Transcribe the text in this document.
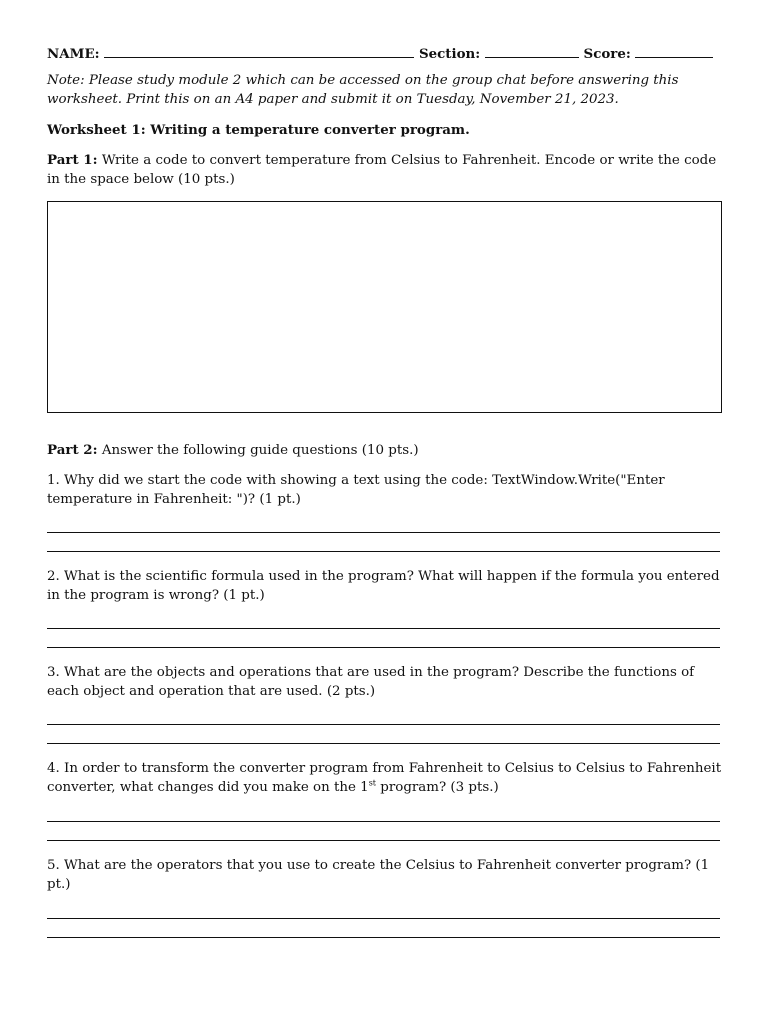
NAME:	Section:	Score:
Note: Please study module 2 which can be accessed on the group chat before answering this worksheet. Print this on an A4 paper and submit it on Tuesday, November 21, 2023.
Worksheet 1: Writing a temperature converter program.
Part 1: Write a code to convert temperature from Celsius to Fahrenheit. Encode or write the code in the space below (10 pts.)
Part 2: Answer the following guide questions (10 pts.)
1. Why did we start the code with showing a text using the code: TextWindow.Write("Enter temperature in Fahrenheit: ")? (1 pt.)
2. What is the scientific formula used in the program? What will happen if the formula you entered in the program is wrong? (1 pt.)
3. What are the objects and operations that are used in the program? Describe the functions of each object and operation that are used. (2 pts.)
4. In order to transform the converter program from Fahrenheit to Celsius to Celsius to Fahrenheit converter, what changes did you make on the 1st program? (3 pts.)
5. What are the operators that you use to create the Celsius to Fahrenheit converter program? (1 pt.)
